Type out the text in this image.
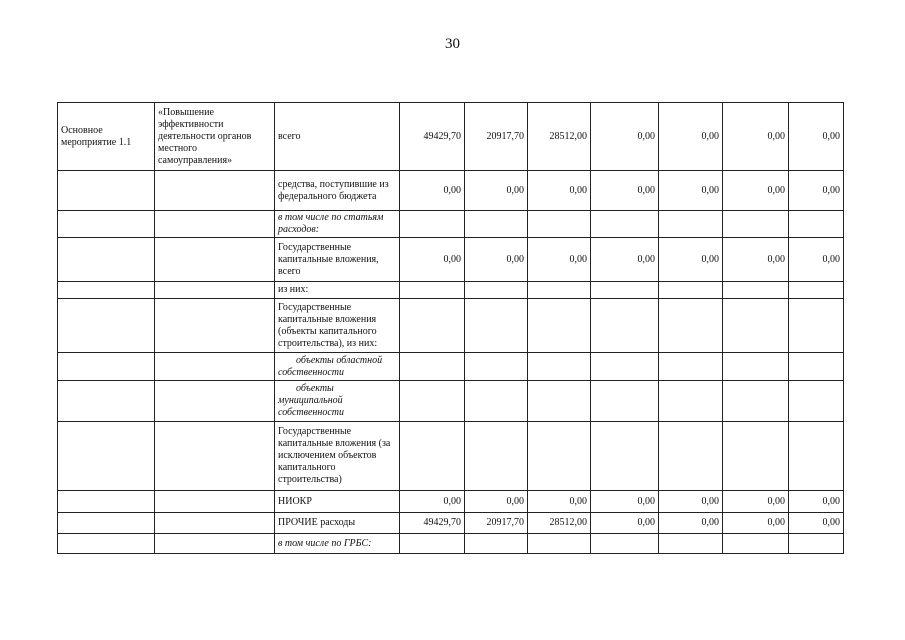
30
Основное мероприятие 1.1	«Повышение эффективности деятельности органов местного самоуправления»	всего	49429,70	20917,70	28512,00	0,00	0,00	0,00	0,00
		средства, поступившие из федерального бюджета	0,00	0,00	0,00	0,00	0,00	0,00	0,00
		в том числе по статьям расходов:							
		Государственные капитальные вложения, всего	0,00	0,00	0,00	0,00	0,00	0,00	0,00
		из них:							
		Государственные капитальные вложения (объекты капитального строительства), из них:							
		объекты областной собственности							
		объекты муниципальной собственности							
		Государственные капитальные вложения (за исключением объектов капитального строительства)							
		НИОКР	0,00	0,00	0,00	0,00	0,00	0,00	0,00
		ПРОЧИЕ расходы	49429,70	20917,70	28512,00	0,00	0,00	0,00	0,00
		в том числе по ГРБС:							
